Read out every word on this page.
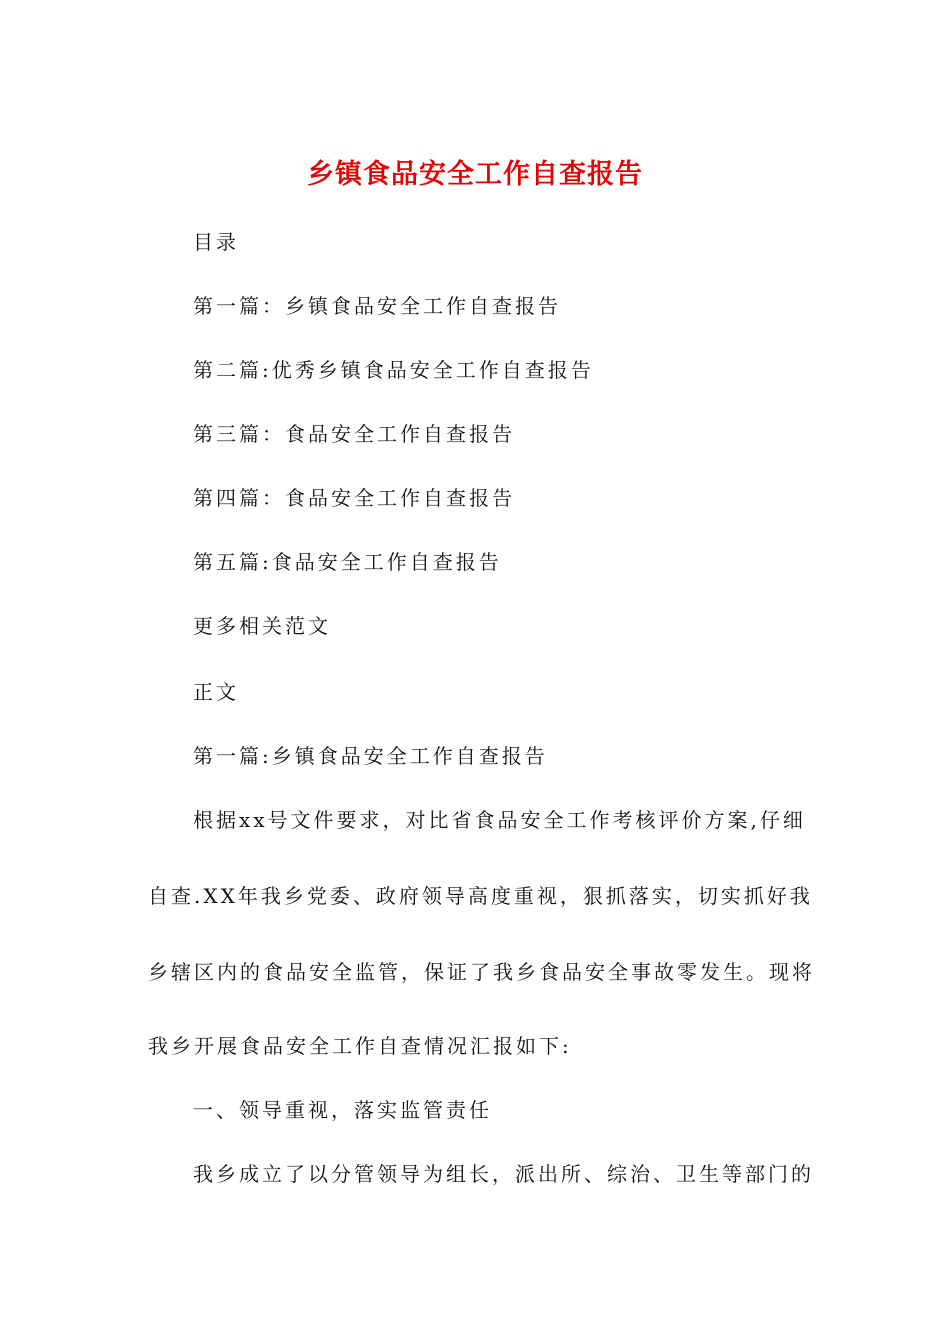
乡镇食品安全工作自查报告
目录
第一篇：乡镇食品安全工作自查报告
第二篇:优秀乡镇食品安全工作自查报告
第三篇：食品安全工作自查报告
第四篇：食品安全工作自查报告
第五篇:食品安全工作自查报告
更多相关范文
正文
第一篇:乡镇食品安全工作自查报告
根据xx号文件要求，对比省食品安全工作考核评价方案,仔细
自查.XX年我乡党委、政府领导高度重视，狠抓落实，切实抓好我
乡辖区内的食品安全监管，保证了我乡食品安全事故零发生。现将
我乡开展食品安全工作自查情况汇报如下:
一、领导重视，落实监管责任
我乡成立了以分管领导为组长，派出所、综治、卫生等部门的
